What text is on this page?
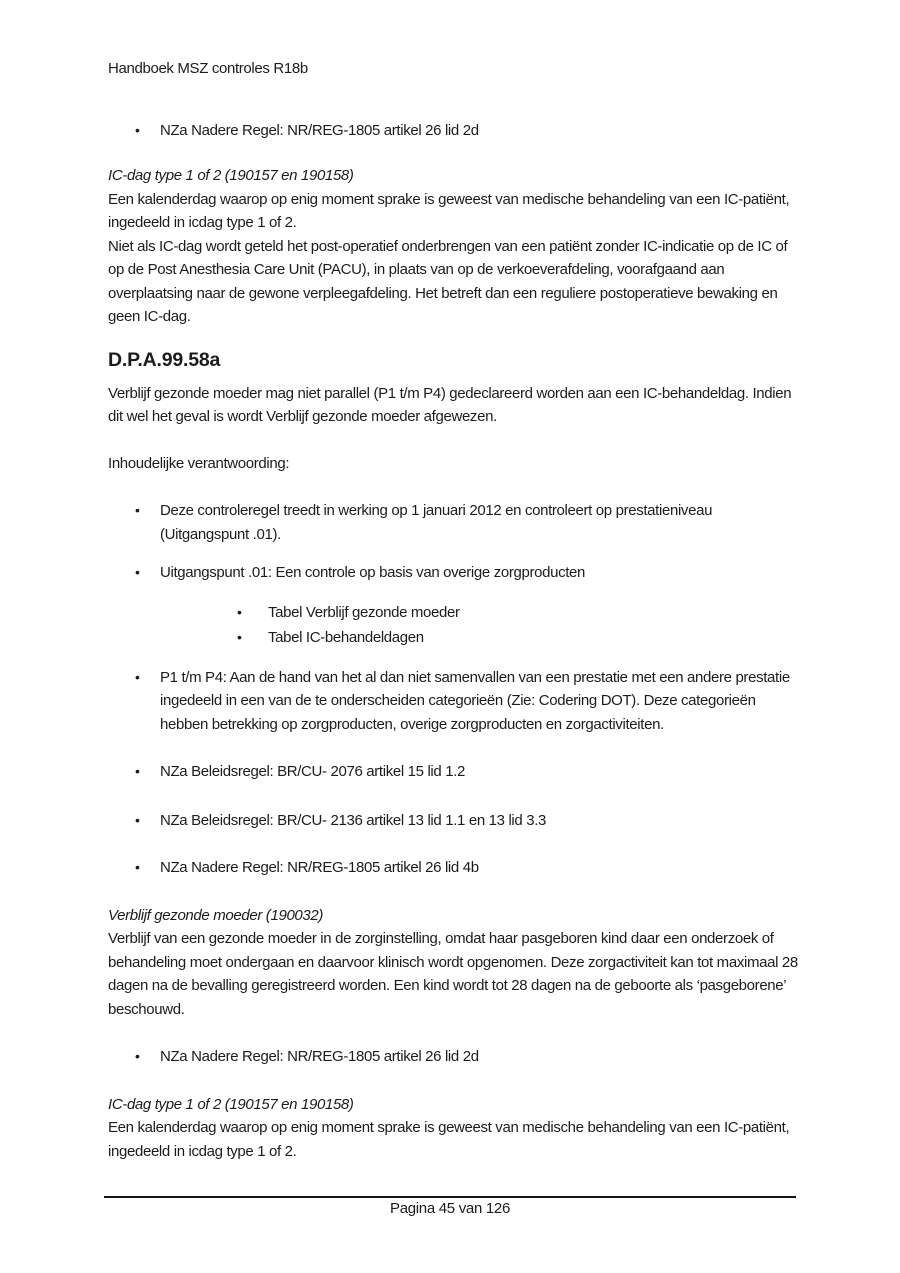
Handboek MSZ controles R18b
•	NZa Nadere Regel: NR/REG-1805 artikel 26 lid 2d

IC-dag type 1 of 2 (190157 en 190158)

Een kalenderdag waarop op enig moment sprake is geweest van medische behandeling van een IC-patiënt, ingedeeld in icdag type 1 of 2.

Niet als IC-dag wordt geteld het post-operatief onderbrengen van een patiënt zonder IC-indicatie op de IC of op de Post Anesthesia Care Unit (PACU), in plaats van op de verkoeverafdeling, voorafgaand aan overplaatsing naar de gewone verpleegafdeling. Het betreft dan een reguliere postoperatieve bewaking en geen IC-dag.

D.P.A.99.58a

Verblijf gezonde moeder mag niet parallel (P1 t/m P4) gedeclareerd worden aan een IC-behandeldag. Indien dit wel het geval is wordt Verblijf gezonde moeder afgewezen.

Inhoudelijke verantwoording:

•	Deze controleregel treedt in werking op 1 januari 2012 en controleert op prestatieniveau (Uitgangspunt .01).
•	Uitgangspunt .01: Een controle op basis van overige zorgproducten
•	Tabel Verblijf gezonde moeder
•	Tabel IC-behandeldagen
•	P1 t/m P4: Aan de hand van het al dan niet samenvallen van een prestatie met een andere prestatie ingedeeld in een van de te onderscheiden categorieën (Zie: Codering DOT). Deze categorieën hebben betrekking op zorgproducten, overige zorgproducten en zorgactiviteiten.
•	NZa Beleidsregel: BR/CU- 2076 artikel 15 lid 1.2
•	NZa Beleidsregel: BR/CU- 2136 artikel 13 lid 1.1 en 13 lid 3.3
•	NZa Nadere Regel: NR/REG-1805 artikel 26 lid 4b

Verblijf gezonde moeder (190032)

Verblijf van een gezonde moeder in de zorginstelling, omdat haar pasgeboren kind daar een onderzoek of behandeling moet ondergaan en daarvoor klinisch wordt opgenomen. Deze zorgactiviteit kan tot maximaal 28 dagen na de bevalling geregistreerd worden. Een kind wordt tot 28 dagen na de geboorte als ‘pasgeborene’ beschouwd.

•	NZa Nadere Regel: NR/REG-1805 artikel 26 lid 2d

IC-dag type 1 of 2 (190157 en 190158)

Een kalenderdag waarop op enig moment sprake is geweest van medische behandeling van een IC-patiënt, ingedeeld in icdag type 1 of 2.

Pagina 45 van 126
